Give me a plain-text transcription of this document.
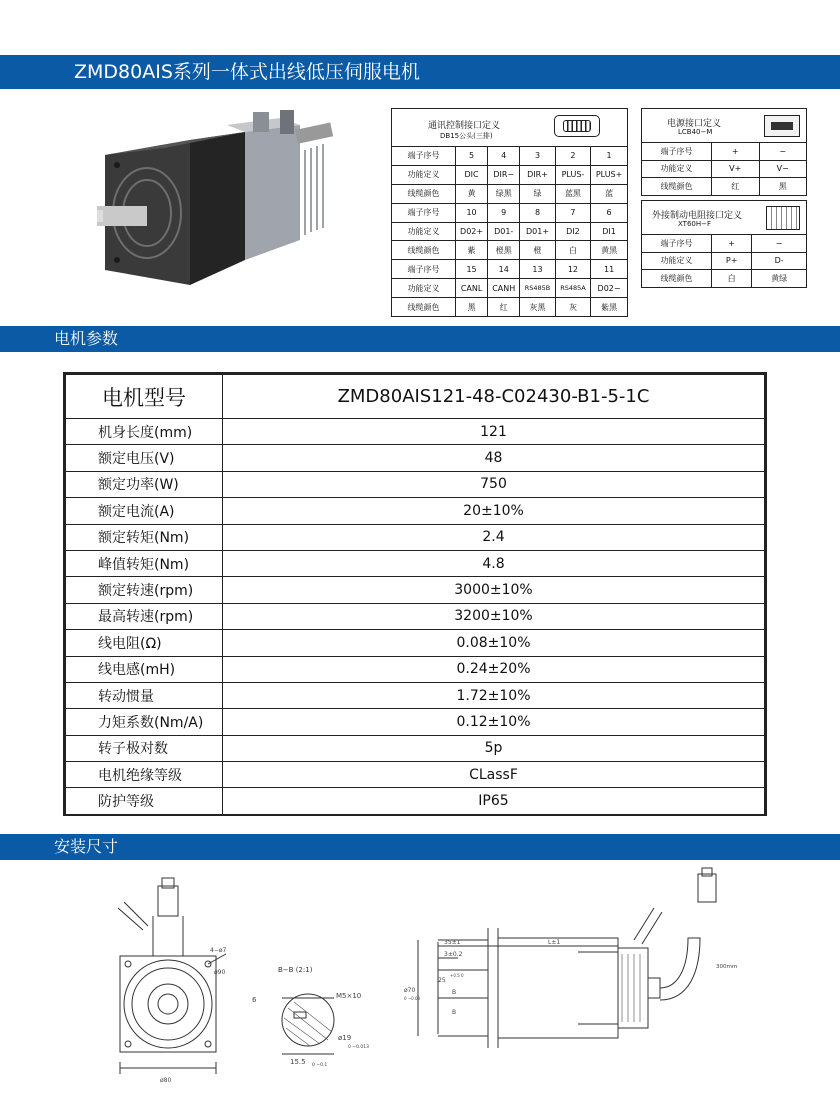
ZMD80AIS系列一体式出线低压伺服电机
通讯控制接口定义
DB15公头(三排)					

端子序号	5	4	3	2	1
功能定义	DIC	DIR−	DIR+	PLUS-	PLUS+
线缆颜色	黄	绿黑	绿	蓝黑	蓝
端子序号	10	9	8	7	6
功能定义	D02+	D01-	D01+	DI2	DI1
线缆颜色	紫	橙黑	橙	白	黄黑
端子序号	15	14	13	12	11
功能定义	CANL	CANH	RS485B	RS485A	D02−
线缆颜色	黑	红	灰黑	灰	紫黑
电源接口定义
LCB40−M		

端子序号	+	−
功能定义	V+	V−
线缆颜色	红	黑
外接制动电阻接口定义
XT60H−F		

端子序号	+	−
功能定义	P+	D-
线缆颜色	白	黄绿
电机参数
电机型号	ZMD80AIS121-48-C02430-B1-5-1C
机身长度(mm)	121
额定电压(V)	48
额定功率(W)	750
额定电流(A)	20±10%
额定转矩(Nm)	2.4
峰值转矩(Nm)	4.8
额定转速(rpm)	3000±10%
最高转速(rpm)	3200±10%
线电阻(Ω)	0.08±10%
线电感(mH)	0.24±20%
转动惯量	1.72±10%
力矩系数(Nm/A)	0.12±10%
转子极对数	5p
电机绝缘等级	CLassF
防护等级	IP65
安装尺寸
4−ø7
ø90
ø80
B−B (2:1)
6	M5×10
ø19
0 −0.013
15.5 0 −0.1
35±1
3±0.2
25
+0.5 0
L±1
ø70
0 −0.03
300mm
B
B
